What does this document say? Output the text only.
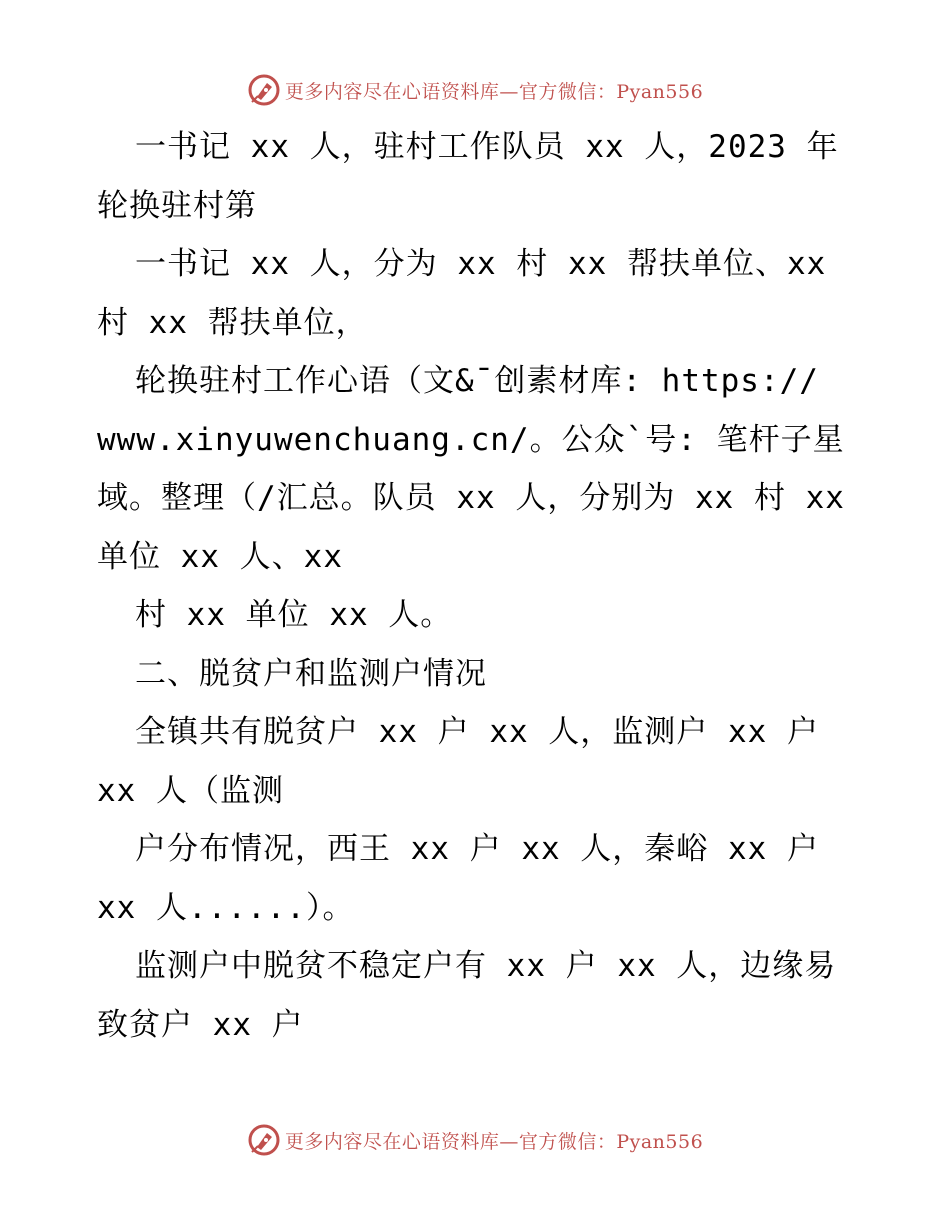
更多内容尽在心语资料库—官方微信：Pyan556
一书记 xx 人，驻村工作队员 xx 人，2023 年
轮换驻村第
一书记 xx 人，分为 xx 村 xx 帮扶单位、xx
村 xx 帮扶单位，
轮换驻村工作心语（文&¯创素材库: https://
www.xinyuwenchuang.cn/。公众`号: 笔杆子星
域。整理（/汇总。队员 xx 人，分别为 xx 村 xx
单位 xx 人、xx
村 xx 单位 xx 人。
二、脱贫户和监测户情况
全镇共有脱贫户 xx 户 xx 人，监测户 xx 户
xx 人（监测
户分布情况，西王 xx 户 xx 人，秦峪 xx 户
xx 人......）。
监测户中脱贫不稳定户有 xx 户 xx 人，边缘易
致贫户 xx 户
更多内容尽在心语资料库—官方微信：Pyan556
